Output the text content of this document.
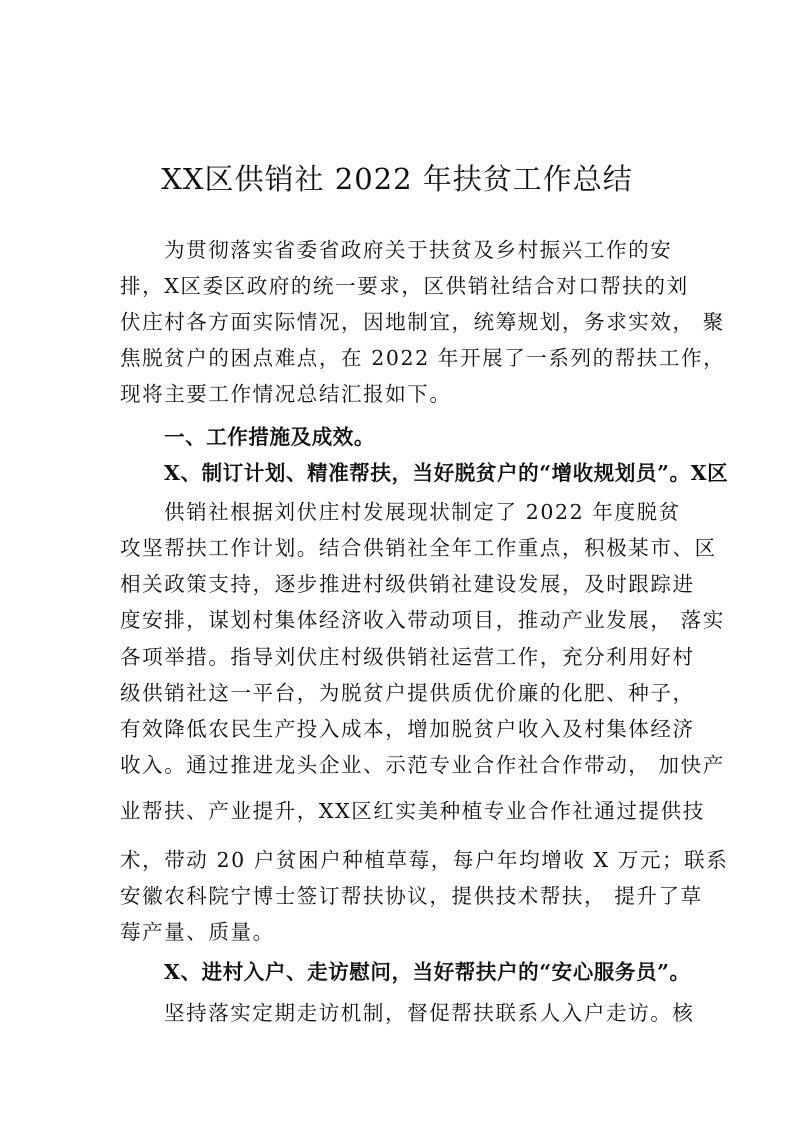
XX区供销社 2022 年扶贫工作总结
为贯彻落实省委省政府关于扶贫及乡村振兴工作的安
排，X区委区政府的统一要求，区供销社结合对口帮扶的刘
伏庄村各方面实际情况，因地制宜，统筹规划，务求实效， 聚
焦脱贫户的困点难点，在 2022 年开展了一系列的帮扶工作，
现将主要工作情况总结汇报如下。
一、工作措施及成效。
X、制订计划、精准帮扶，当好脱贫户的“增收规划员”。X区
供销社根据刘伏庄村发展现状制定了 2022 年度脱贫
攻坚帮扶工作计划。结合供销社全年工作重点，积极某市、区
相关政策支持，逐步推进村级供销社建设发展，及时跟踪进
度安排，谋划村集体经济收入带动项目，推动产业发展， 落实
各项举措。指导刘伏庄村级供销社运营工作，充分利用好村
级供销社这一平台，为脱贫户提供质优价廉的化肥、种子，
有效降低农民生产投入成本，增加脱贫户收入及村集体经济
收入。通过推进龙头企业、示范专业合作社合作带动， 加快产
业帮扶、产业提升，XX区红实美种植专业合作社通过提供技
术，带动 20 户贫困户种植草莓，每户年均增收 X 万元；联系
安徽农科院宁博士签订帮扶协议，提供技术帮扶， 提升了草
莓产量、质量。
X、进村入户、走访慰问，当好帮扶户的“安心服务员”。
坚持落实定期走访机制，督促帮扶联系人入户走访。核
